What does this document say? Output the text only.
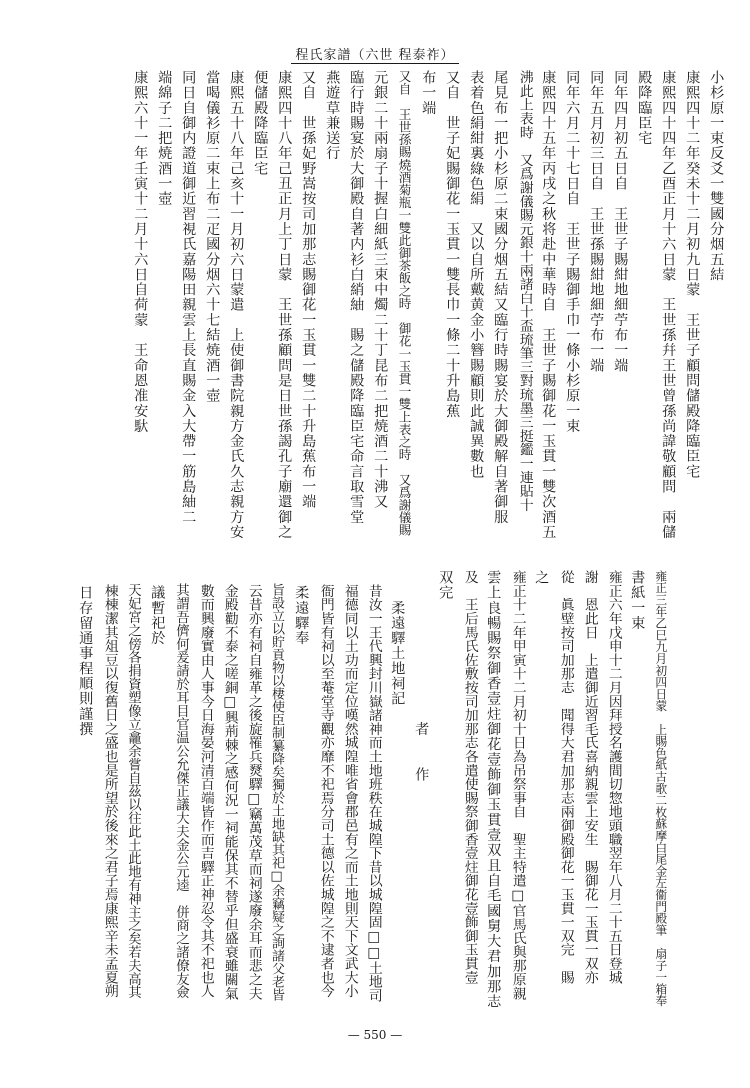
程氏家譜（六世 程泰祚）
小杉原一束反爻一雙國分烟五結
康熙四十二年癸未十二月初九日蒙　王世子顧問儲殿降臨臣宅
康熙四十四年乙酉正月十六日蒙　王世孫幷王世曾孫尚諱敬顧問　兩儲
殿降臨臣宅
同年四月初五日自　王世子賜紺地細苧布一端
同年五月初三日自　王世孫賜紺地細苧布一端
同年六月二十七日自　王世子賜御手巾一條小杉原一束
康熙四十五年丙戌之秋将赴中華時自　王世子賜御花一玉貫一雙次酒五
沸此上表時　又爲謝儀賜元銀十兩諸白十盃琉筆三對琉墨三挺鑑一連貼十
尾見布一把小杉原二束國分烟五結又臨行時賜宴於大御殿解自著御服
表着色絹紺裏綠色絹　又以自所戴黄金小簪賜顧則此誠異數也
又自　世子妃賜御花一玉貫一雙長巾一條二十升島蕉
布一端
又自　王世孫賜燒酒菊瓶一雙此御茶飯之時　御花一玉貫一雙上表之時　又爲謝儀賜
元銀二十兩扇子十握白細紙三束中燭二十丁昆布二把焼酒二十沸又
臨行時賜宴於大御殿自著内衫白綃紬　賜之儲殿降臨臣宅命言取雪堂
燕遊草兼送行
又自　世孫妃野嵩按司加那志賜御花一玉貫一雙二十升島蕉布一端
康熙四十八年己丑正月上丁日蒙　王世孫顧問是日世孫謁孔子廟還御之
便儲殿降臨臣宅
康熙五十八年己亥十一月初六日蒙遣　上使御書院親方金氏久志親方安
當喝儀衫原二束上布二疋國分烟六十七結焼酒一壺
同日自御内證道御近習視氏嘉陽田親雲上長直賜金入大帶一筋島紬二
端綿子二把焼酒一壺
康熙六十一年壬寅十二月十六日自荷蒙　王命恩准安馱
雍正三年乙巳九月初四日蒙　上賜色紙古歌二枚蘇摩白尾金左衞門殿筆　扇子一箱奉
書紙一束
雍正六年戊申十二月因拜授名護間切惣地頭職翌年八月二十五日登城
謝　恩此日　上遣御近習毛氏喜納親雲上安生　賜御花一玉貫一双亦
從　眞壁按司加那志　聞得大君加那志兩御殿御花一玉貫一双完　賜
之
雍正十二年甲寅十二月初十日為吊祭事自　聖主特遣□官馬氏與那原親
雲上良暢賜祭御香壹炷御花壹飾御玉貫壹双且自毛國舅大君加那志
及　王后馬氏佐敷按司加那志各遣使賜祭御香壹炷御花壹飾御玉貫壹
双完
　　　　　　　　　　者　　作
　　柔遠驛土地祠記
　昔汝一王代興封川嶽諸神而土地班秩在城隍下昔以城隍固□□土地司
　福德同以土功而定位嘆然城隍唯省會郡邑有之而土地則天下文武大小
　衙門皆有祠以至菴堂寺觀亦靡不祀焉分司土德以佐城隍之不逮者也今
　柔遠驛奉
　旨設立以貯貢物以棲使臣制纂降矣獨於土地缺其祀□余竊疑之詢諸父老皆
　云昔亦有祠自雍革之後旋罹兵燹驛□竊萬茂草而祠遂廢余耳而悲之夫
　金殿勸不泰之嗟銅□興荊棘之感何況一祠能保其不替乎但盛衰雖關氣
　數而興廢實由人事今日海晏河清百端皆作而吉驛正神忍令其不祀也人
　其謂吾儕何爰請於耳目官温公允傑正議大夫金公元逵　併商之諸僚友僉
　議暫祀於
　天妃宮之傍各捐資塑像立龕余嘗自茲以往此土此地有神主之矣若夫高其
　棟棟潔其俎豆以復舊日之盛也是所望於後來之君子焉康熙辛未孟夏朔
　日存留通事程順則謹撰
— 550 —
